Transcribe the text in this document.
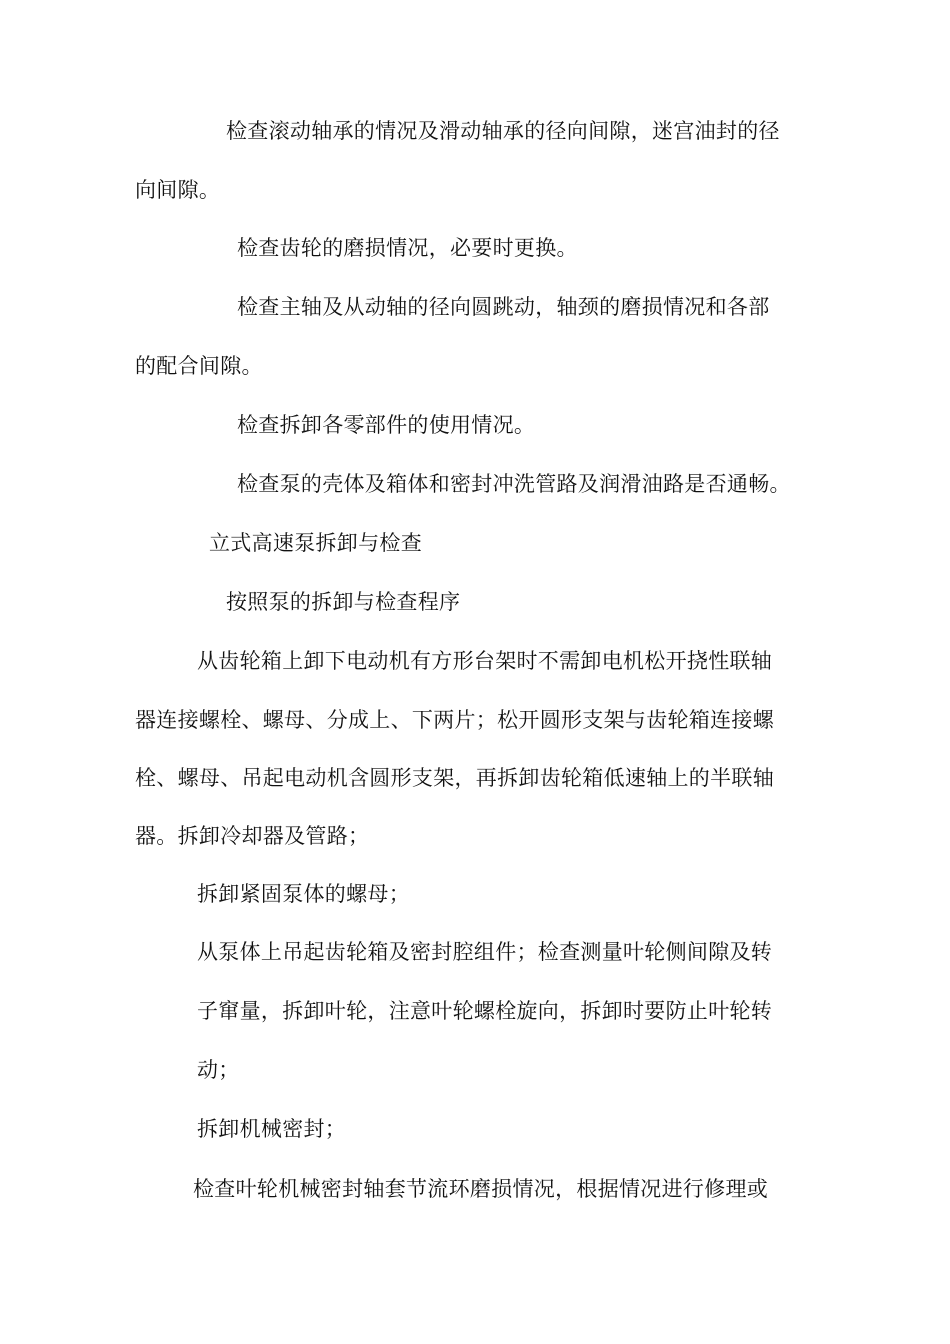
检查滚动轴承的情况及滑动轴承的径向间隙，迷宫油封的径
向间隙。
检查齿轮的磨损情况，必要时更换。
检查主轴及从动轴的径向圆跳动，轴颈的磨损情况和各部
的配合间隙。
检查拆卸各零部件的使用情况。
检查泵的壳体及箱体和密封冲洗管路及润滑油路是否通畅。
立式高速泵拆卸与检查
按照泵的拆卸与检查程序
从齿轮箱上卸下电动机有方形台架时不需卸电机松开挠性联轴
器连接螺栓、螺母、分成上、下两片；松开圆形支架与齿轮箱连接螺
栓、螺母、吊起电动机含圆形支架，再拆卸齿轮箱低速轴上的半联轴
器。拆卸冷却器及管路；
拆卸紧固泵体的螺母；
从泵体上吊起齿轮箱及密封腔组件；检查测量叶轮侧间隙及转
子窜量，拆卸叶轮，注意叶轮螺栓旋向，拆卸时要防止叶轮转
动；
拆卸机械密封；
检查叶轮机械密封轴套节流环磨损情况，根据情况进行修理或
